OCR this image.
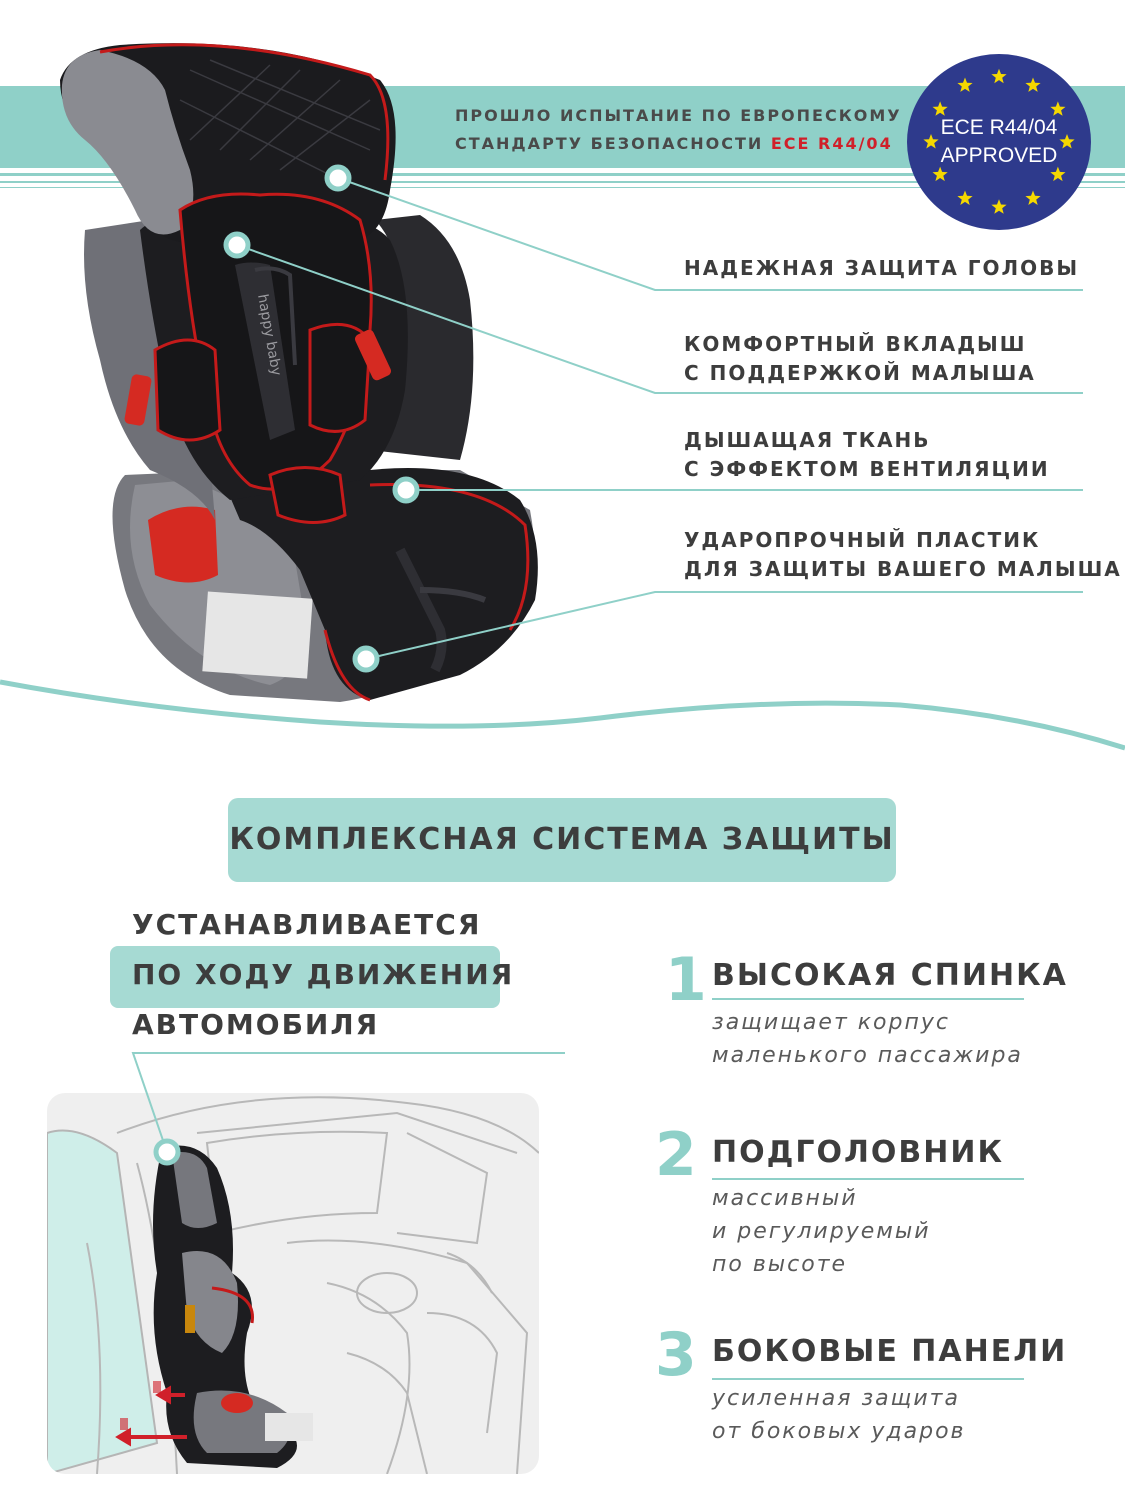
ПРОШЛО ИСПЫТАНИЕ ПО ЕВРОПЕСКОМУ
СТАНДАРТУ БЕЗОПАСНОСТИ ECE R44/04
ECE R44/04
APPROVED
happy baby
НАДЕЖНАЯ ЗАЩИТА ГОЛОВЫ
КОМФОРТНЫЙ ВКЛАДЫШ
С ПОДДЕРЖКОЙ МАЛЫША
ДЫШАЩАЯ ТКАНЬ
С ЭФФЕКТОМ ВЕНТИЛЯЦИИ
УДАРОПРОЧНЫЙ ПЛАСТИК
ДЛЯ ЗАЩИТЫ ВАШЕГО МАЛЫША
КОМПЛЕКСНАЯ СИСТЕМА ЗАЩИТЫ
УСТАНАВЛИВАЕТСЯ
ПО ХОДУ ДВИЖЕНИЯ
АВТОМОБИЛЯ
1 ВЫСОКАЯ СПИНКА
защищает корпус
маленького пассажира
2 ПОДГОЛОВНИК
массивный
и регулируемый
по высоте
3 БОКОВЫЕ ПАНЕЛИ
усиленная защита
от боковых ударов
